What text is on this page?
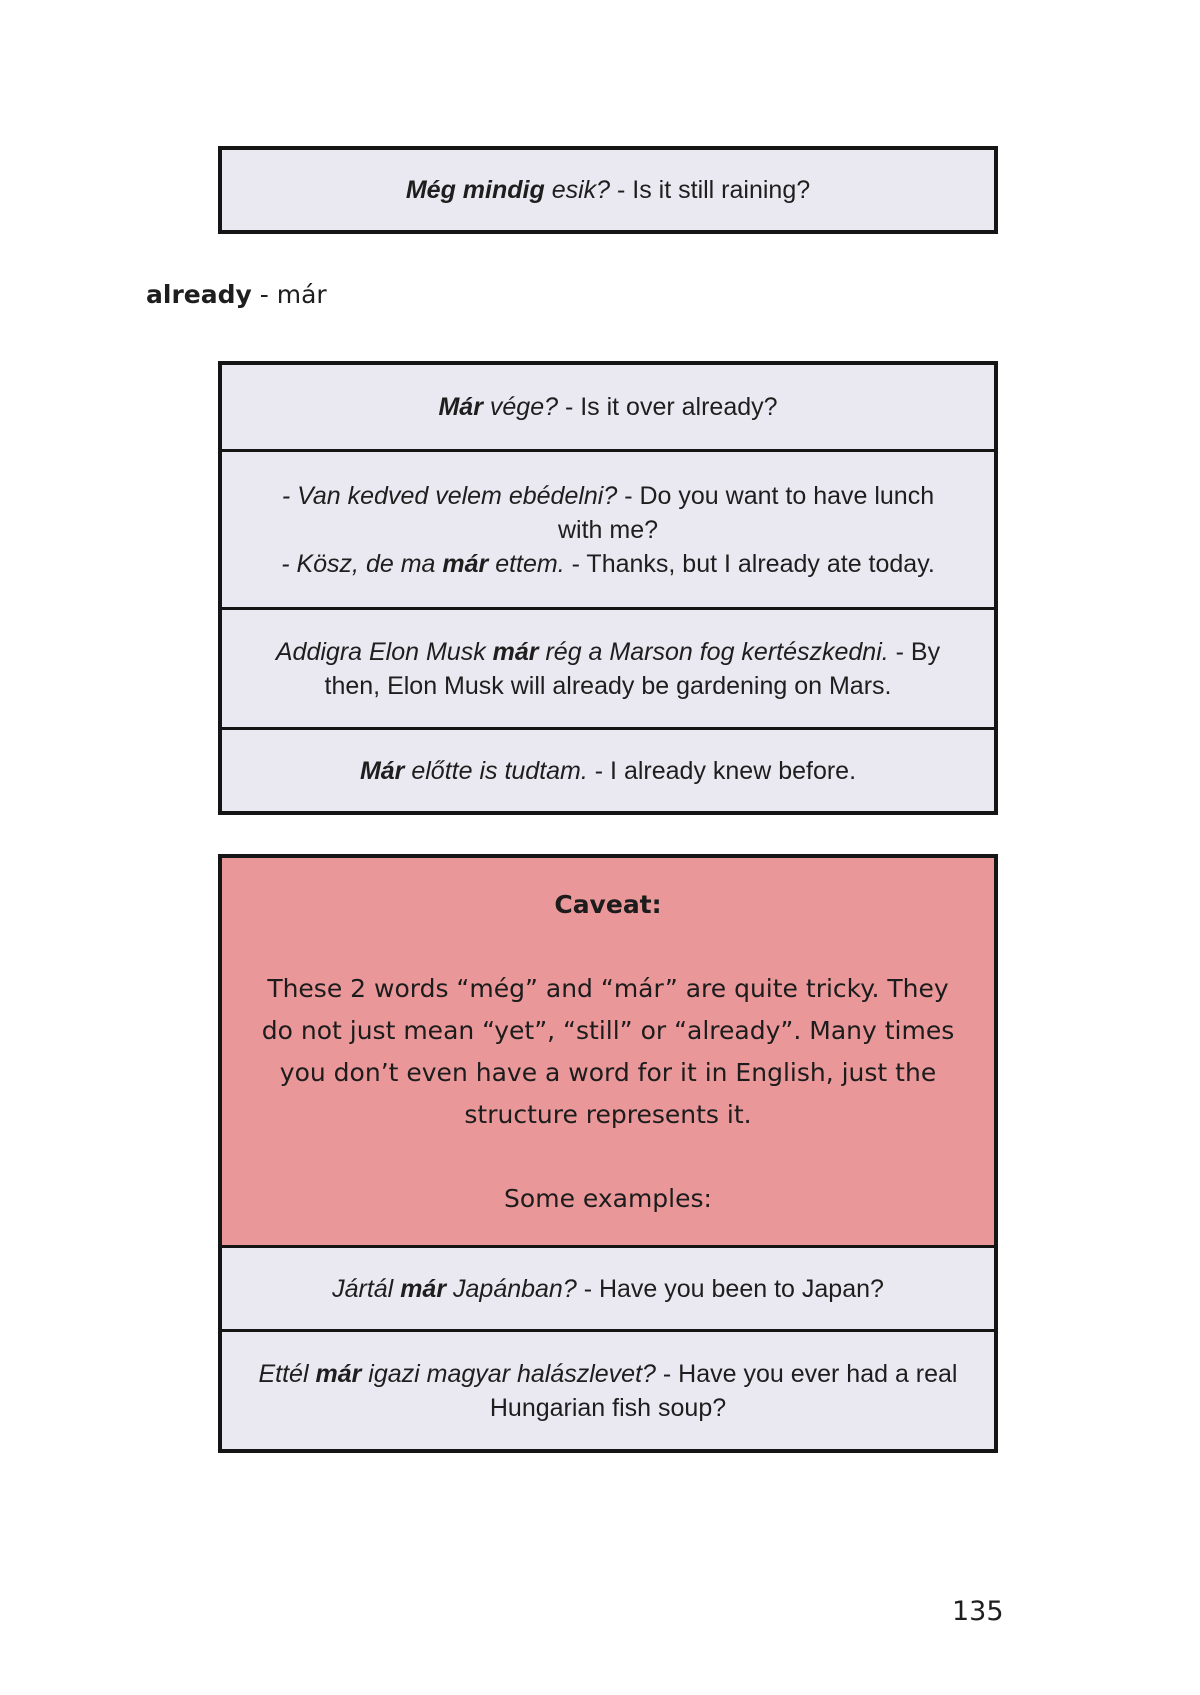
Még mindig esik? - Is it still raining?
already - már
Már vége? - Is it over already?
- Van kedved velem ebédelni? - Do you want to have lunch with me?
- Kösz, de ma már ettem. - Thanks, but I already ate today.
Addigra Elon Musk már rég a Marson fog kertészkedni. - By then, Elon Musk will already be gardening on Mars.
Már előtte is tudtam. - I already knew before.
Caveat:
These 2 words “még” and “már” are quite tricky. They do not just mean “yet”, “still” or “already”. Many times you don’t even have a word for it in English, just the structure represents it.
Some examples:
Jártál már Japánban? - Have you been to Japan?
Ettél már igazi magyar halászlevet? - Have you ever had a real Hungarian fish soup?
135
